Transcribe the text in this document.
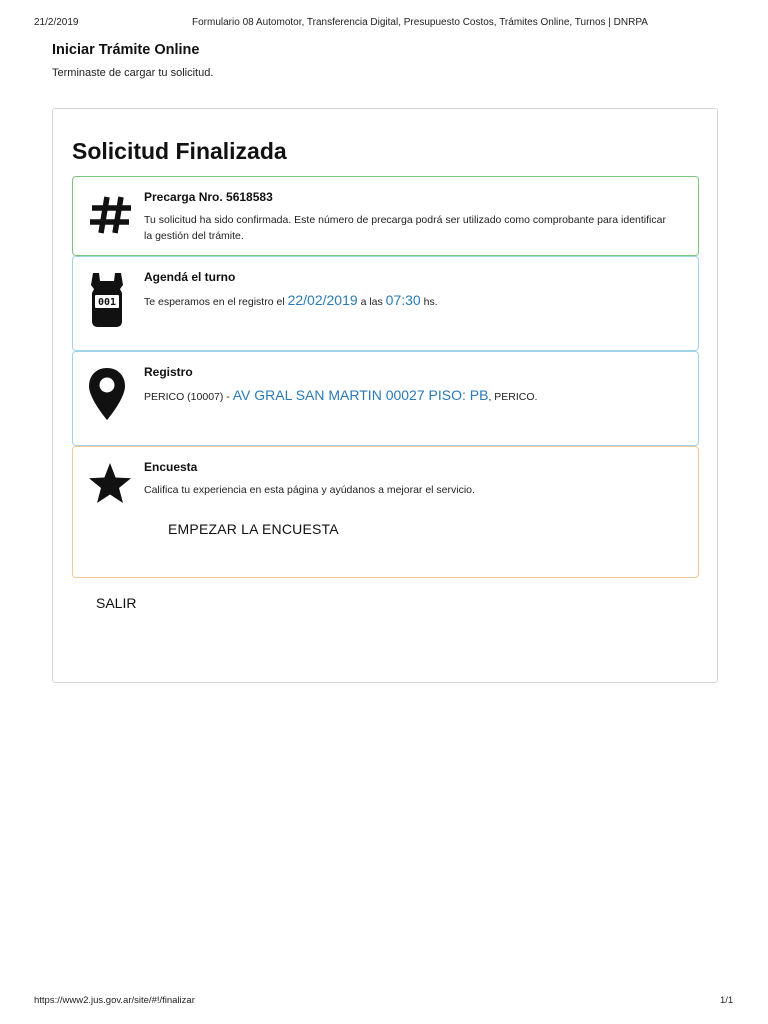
21/2/2019	Formulario 08 Automotor, Transferencia Digital, Presupuesto Costos, Trámites Online, Turnos | DNRPA
Iniciar Trámite Online
Terminaste de cargar tu solicitud.
Solicitud Finalizada
Precarga Nro. 5618583
Tu solicitud ha sido confirmada. Este número de precarga podrá ser utilizado como comprobante para identificar la gestión del trámite.
001
Agendá el turno
Te esperamos en el registro el 22/02/2019 a las 07:30 hs.
Registro
PERICO (10007) - AV GRAL SAN MARTIN 00027 PISO: PB, PERICO.
Encuesta
Califica tu experiencia en esta página y ayúdanos a mejorar el servicio.
EMPEZAR LA ENCUESTA
SALIR
https://www2.jus.gov.ar/site/#!/finalizar	1/1
